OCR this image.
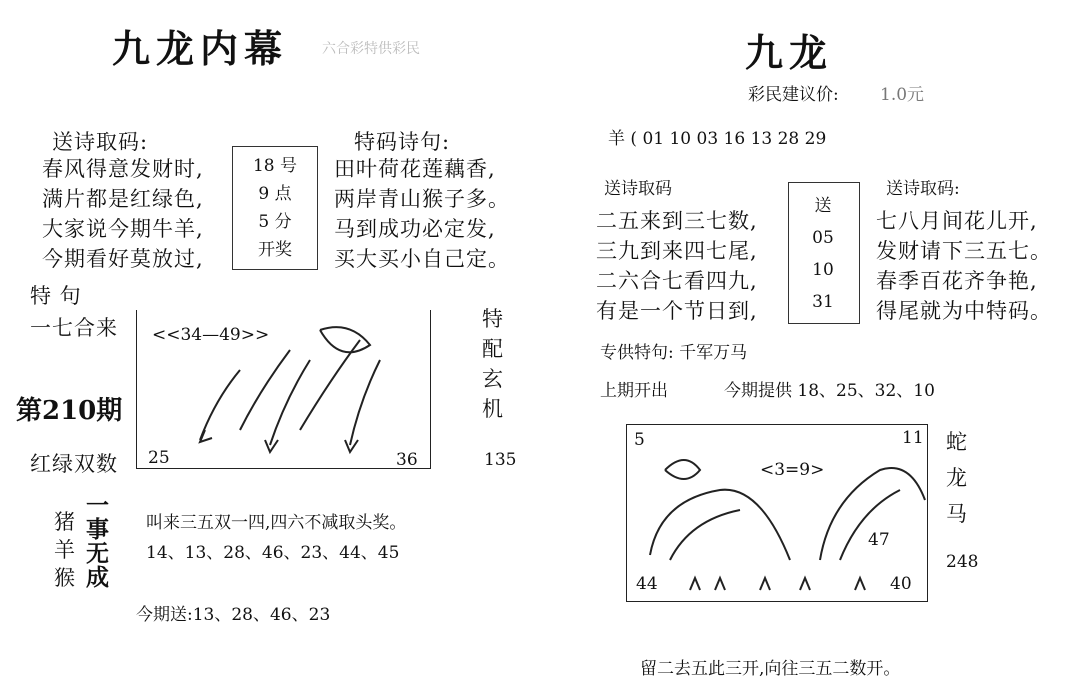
九龙内幕 六合彩特供彩民
送诗取码:
春风得意发财时,
满片都是红绿色,
大家说今期牛羊,
今期看好莫放过,
18 号
9 点
5 分
开奖
特码诗句:
田叶荷花莲藕香,
两岸青山猴子多。
马到成功必定发,
买大买小自己定。
特 句
一七合来 <<34—49>>
25	36
特
配
玄
机
第210期
红绿双数	135
猪
羊
猴
一
事
无
成
叫来三五双一四,四六不减取头奖。
14、13、28、46、23、44、45
今期送:13、28、46、23
九龙
彩民建议价: 1.0元
羊 ( 01 10 03 16 13 28 29
送诗取码
二五来到三七数,
三九到来四七尾,
二六合七看四九,
有是一个节日到,
送
05
10
31
送诗取码:
七八月间花儿开,
发财请下三五七。
春季百花齐争艳,
得尾就为中特码。
专供特句: 千军万马
上期开出	今期提供 18、25、32、10
5	11
<3=9>
47
44	40
蛇
龙
马
248
留二去五此三开,向往三五二数开。
